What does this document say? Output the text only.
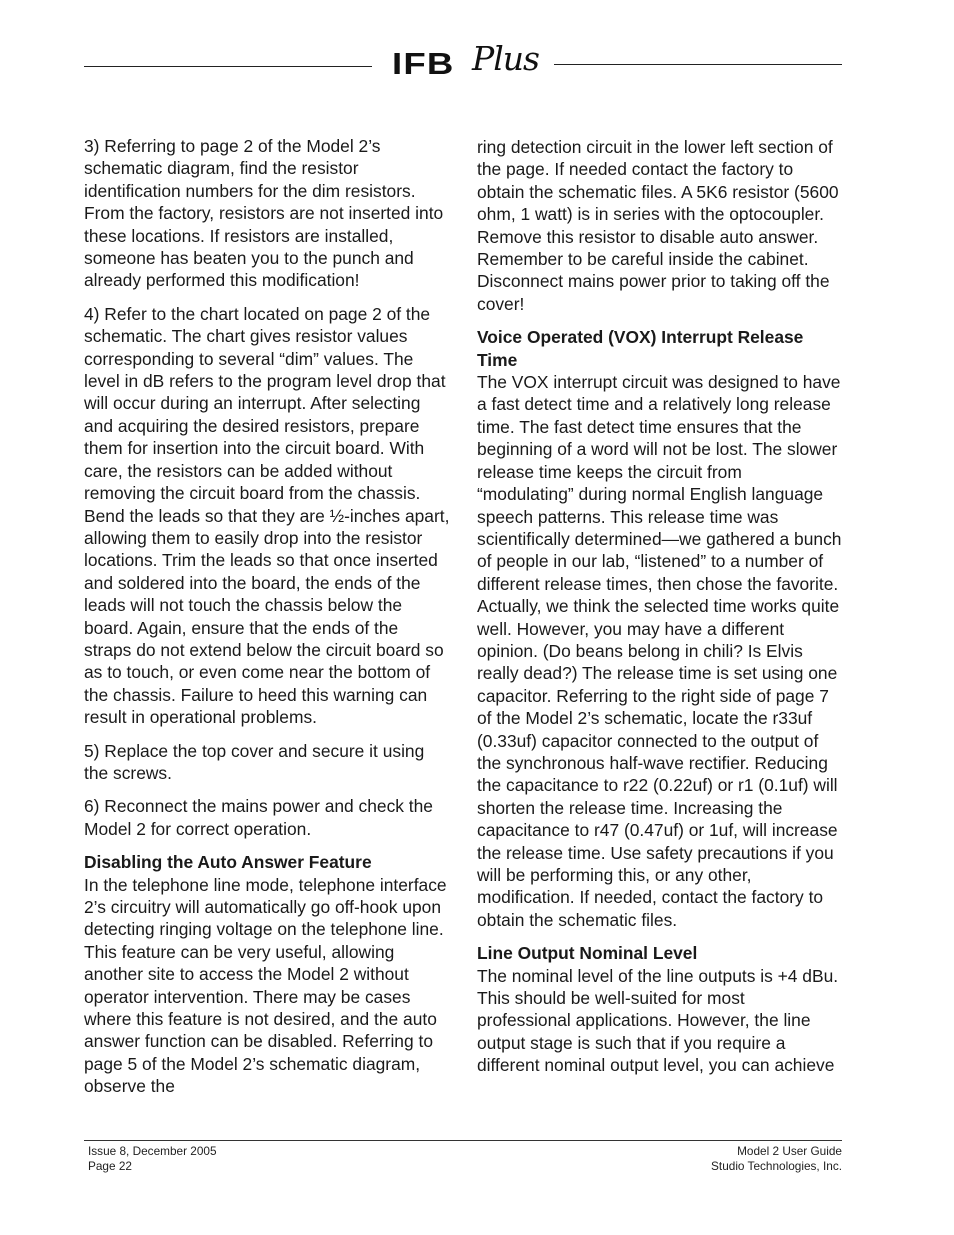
IFB Plus

3) Referring to page 2 of the Model 2’s schematic diagram, find the resistor identification numbers for the dim resistors. From the factory, resistors are not inserted into these locations. If resistors are installed, someone has beaten you to the punch and already performed this modification!

4) Refer to the chart located on page 2 of the schematic. The chart gives resistor values corresponding to several “dim” values. The level in dB refers to the program level drop that will occur during an interrupt. After selecting and acquiring the desired resistors, prepare them for insertion into the circuit board. With care, the resistors can be added without removing the circuit board from the chassis. Bend the leads so that they are ½-inches apart, allowing them to easily drop into the resistor locations. Trim the leads so that once inserted and soldered into the board, the ends of the leads will not touch the chassis below the board. Again, ensure that the ends of the straps do not extend below the circuit board so as to touch, or even come near the bottom of the chassis. Failure to heed this warning can result in operational problems.

5) Replace the top cover and secure it using the screws.

6) Reconnect the mains power and check the Model 2 for correct operation.

Disabling the Auto Answer Feature

In the telephone line mode, telephone interface 2’s circuitry will automatically go off-hook upon detecting ringing voltage on the telephone line. This feature can be very useful, allowing another site to access the Model 2 without operator intervention. There may be cases where this feature is not desired, and the auto answer function can be disabled. Referring to page 5 of the Model 2’s schematic diagram, observe the

ring detection circuit in the lower left section of the page. If needed contact the factory to obtain the schematic files. A 5K6 resistor (5600 ohm, 1 watt) is in series with the optocoupler. Remove this resistor to disable auto answer. Remember to be careful inside the cabinet. Disconnect mains power prior to taking off the cover!

Voice Operated (VOX) Interrupt Release Time

The VOX interrupt circuit was designed to have a fast detect time and a relatively long release time. The fast detect time ensures that the beginning of a word will not be lost. The slower release time keeps the circuit from “modulating” during normal English language speech patterns. This release time was scientifically determined—we gathered a bunch of people in our lab, “listened” to a number of different release times, then chose the favorite. Actually, we think the selected time works quite well. However, you may have a different opinion. (Do beans belong in chili? Is Elvis really dead?) The release time is set using one capacitor. Referring to the right side of page 7 of the Model 2’s schematic, locate the r33uf (0.33uf) capacitor connected to the output of the synchronous half-wave rectifier. Reducing the capacitance to r22 (0.22uf) or r1 (0.1uf) will shorten the release time. Increasing the capacitance to r47 (0.47uf) or 1uf, will increase the release time. Use safety precautions if you will be performing this, or any other, modification. If needed, contact the factory to obtain the schematic files.

Line Output Nominal Level

The nominal level of the line outputs is +4 dBu. This should be well-suited for most professional applications. However, the line output stage is such that if you require a different nominal output level, you can achieve

Issue 8, December 2005
Page 22
Model 2 User Guide
Studio Technologies, Inc.
